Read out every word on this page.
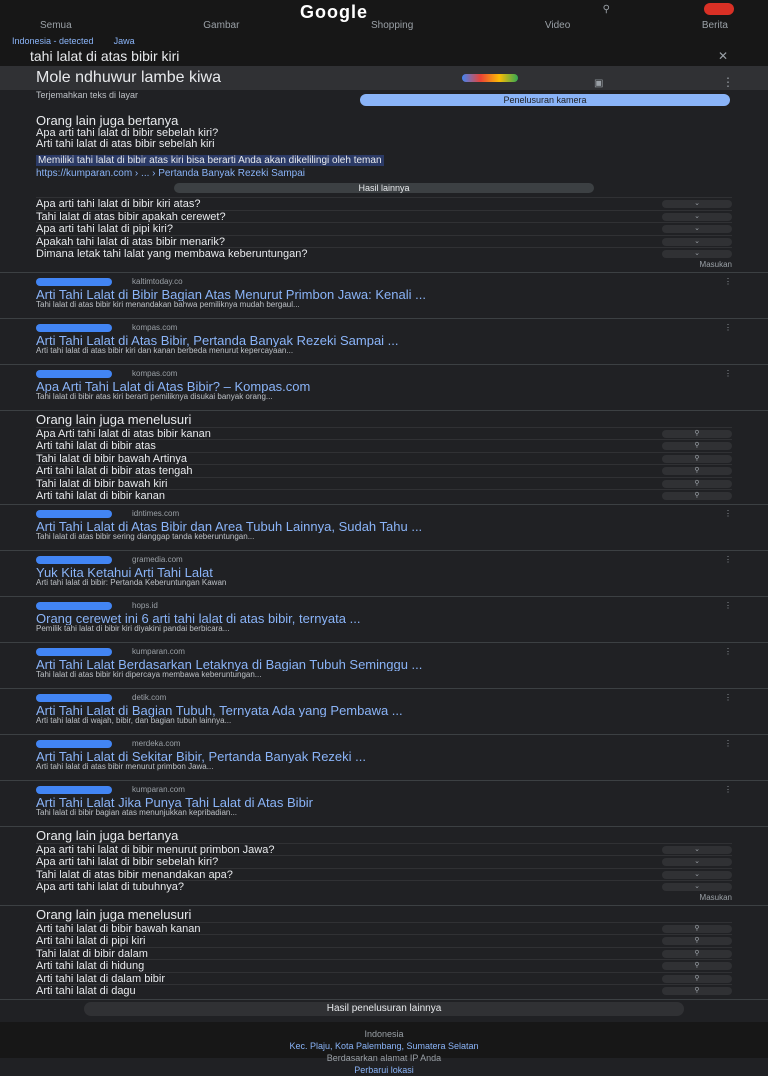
Google	⚲
Semua	Gambar	Shopping	Video	Berita
Indonesia - detected Jawa
tahi lalat di atas bibir kiri	✕
Mole ndhuwur lambe kiwa	▣	⋮
Terjemahkan teks di layar	Penelusuran kamera
Orang lain juga bertanya
Apa arti tahi lalat di bibir sebelah kiri?
Arti tahi lalat di atas bibir sebelah kiri
Memiliki tahi lalat di bibir atas kiri bisa berarti Anda akan dikelilingi oleh teman
https://kumparan.com › ... › Pertanda Banyak Rezeki Sampai
Hasil lainnya
Apa arti tahi lalat di bibir kiri atas?	⌄
Tahi lalat di atas bibir apakah cerewet?	⌄
Apa arti tahi lalat di pipi kiri?	⌄
Apakah tahi lalat di atas bibir menarik?	⌄
Dimana letak tahi lalat yang membawa keberuntungan?	⌄
Masukan
kaltimtoday.co	⋮
Arti Tahi Lalat di Bibir Bagian Atas Menurut Primbon Jawa: Kenali ...
Tahi lalat di atas bibir kiri menandakan bahwa pemiliknya mudah bergaul...
kompas.com	⋮
Arti Tahi Lalat di Atas Bibir, Pertanda Banyak Rezeki Sampai ...
Arti tahi lalat di atas bibir kiri dan kanan berbeda menurut kepercayaan...
kompas.com	⋮
Apa Arti Tahi Lalat di Atas Bibir? – Kompas.com
Tahi lalat di bibir atas kiri berarti pemiliknya disukai banyak orang...
Orang lain juga menelusuri
Apa Arti tahi lalat di atas bibir kanan	⚲
Arti tahi lalat di bibir atas	⚲
Tahi lalat di bibir bawah Artinya	⚲
Arti tahi lalat di bibir atas tengah	⚲
Tahi lalat di bibir bawah kiri	⚲
Arti tahi lalat di bibir kanan	⚲
idntimes.com	⋮
Arti Tahi Lalat di Atas Bibir dan Area Tubuh Lainnya, Sudah Tahu ...
Tahi lalat di atas bibir sering dianggap tanda keberuntungan...
gramedia.com	⋮
Yuk Kita Ketahui Arti Tahi Lalat
Arti tahi lalat di bibir: Pertanda Keberuntungan Kawan
hops.id	⋮
Orang cerewet ini 6 arti tahi lalat di atas bibir, ternyata ...
Pemilik tahi lalat di bibir kiri diyakini pandai berbicara...
kumparan.com	⋮
Arti Tahi Lalat Berdasarkan Letaknya di Bagian Tubuh Seminggu ...
Tahi lalat di atas bibir kiri dipercaya membawa keberuntungan...
detik.com	⋮
Arti Tahi Lalat di Bagian Tubuh, Ternyata Ada yang Pembawa ...
Arti tahi lalat di wajah, bibir, dan bagian tubuh lainnya...
merdeka.com	⋮
Arti Tahi Lalat di Sekitar Bibir, Pertanda Banyak Rezeki ...
Arti tahi lalat di atas bibir menurut primbon Jawa...
kumparan.com	⋮
Arti Tahi Lalat Jika Punya Tahi Lalat di Atas Bibir
Tahi lalat di bibir bagian atas menunjukkan kepribadian...
Orang lain juga bertanya
Apa arti tahi lalat di bibir menurut primbon Jawa?	⌄
Apa arti tahi lalat di bibir sebelah kiri?	⌄
Tahi lalat di atas bibir menandakan apa?	⌄
Apa arti tahi lalat di tubuhnya?	⌄
Masukan
Orang lain juga menelusuri
Arti tahi lalat di bibir bawah kanan	⚲
Arti tahi lalat di pipi kiri	⚲
Tahi lalat di bibir dalam	⚲
Arti tahi lalat di hidung	⚲
Arti tahi lalat di dalam bibir	⚲
Arti tahi lalat di dagu	⚲
Hasil penelusuran lainnya
Indonesia
Kec. Plaju, Kota Palembang, Sumatera Selatan
Berdasarkan alamat IP Anda
Perbarui lokasi
